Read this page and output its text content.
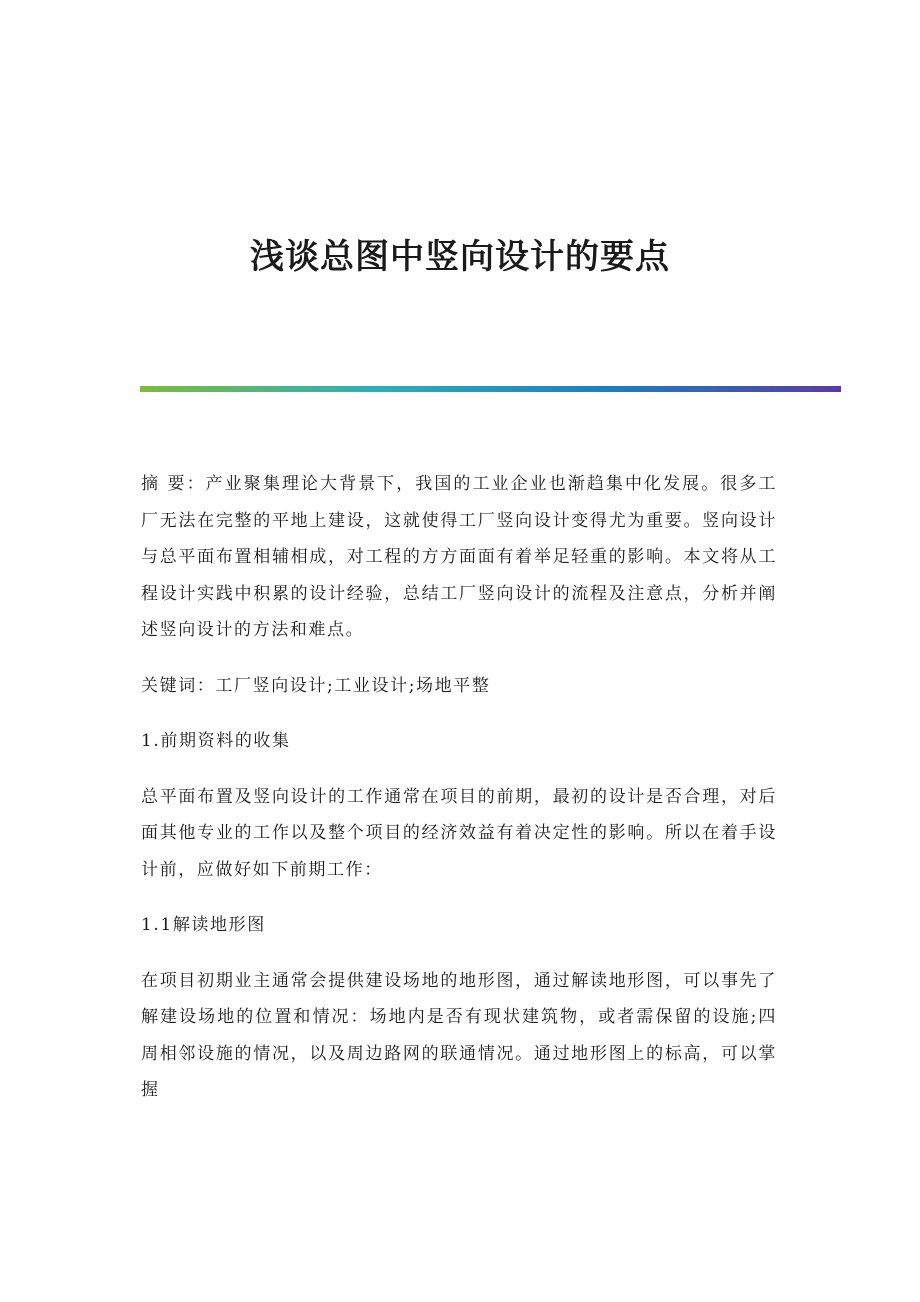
浅谈总图中竖向设计的要点

摘 要：产业聚集理论大背景下，我国的工业企业也渐趋集中化发展。很多工厂无法在完整的平地上建设，这就使得工厂竖向设计变得尤为重要。竖向设计与总平面布置相辅相成，对工程的方方面面有着举足轻重的影响。本文将从工程设计实践中积累的设计经验，总结工厂竖向设计的流程及注意点，分析并阐述竖向设计的方法和难点。

关键词：工厂竖向设计;工业设计;场地平整

1.前期资料的收集

总平面布置及竖向设计的工作通常在项目的前期，最初的设计是否合理，对后面其他专业的工作以及整个项目的经济效益有着决定性的影响。所以在着手设计前，应做好如下前期工作：

1.1解读地形图

在项目初期业主通常会提供建设场地的地形图，通过解读地形图，可以事先了解建设场地的位置和情况：场地内是否有现状建筑物，或者需保留的设施;四周相邻设施的情况，以及周边路网的联通情况。通过地形图上的标高，可以掌握
